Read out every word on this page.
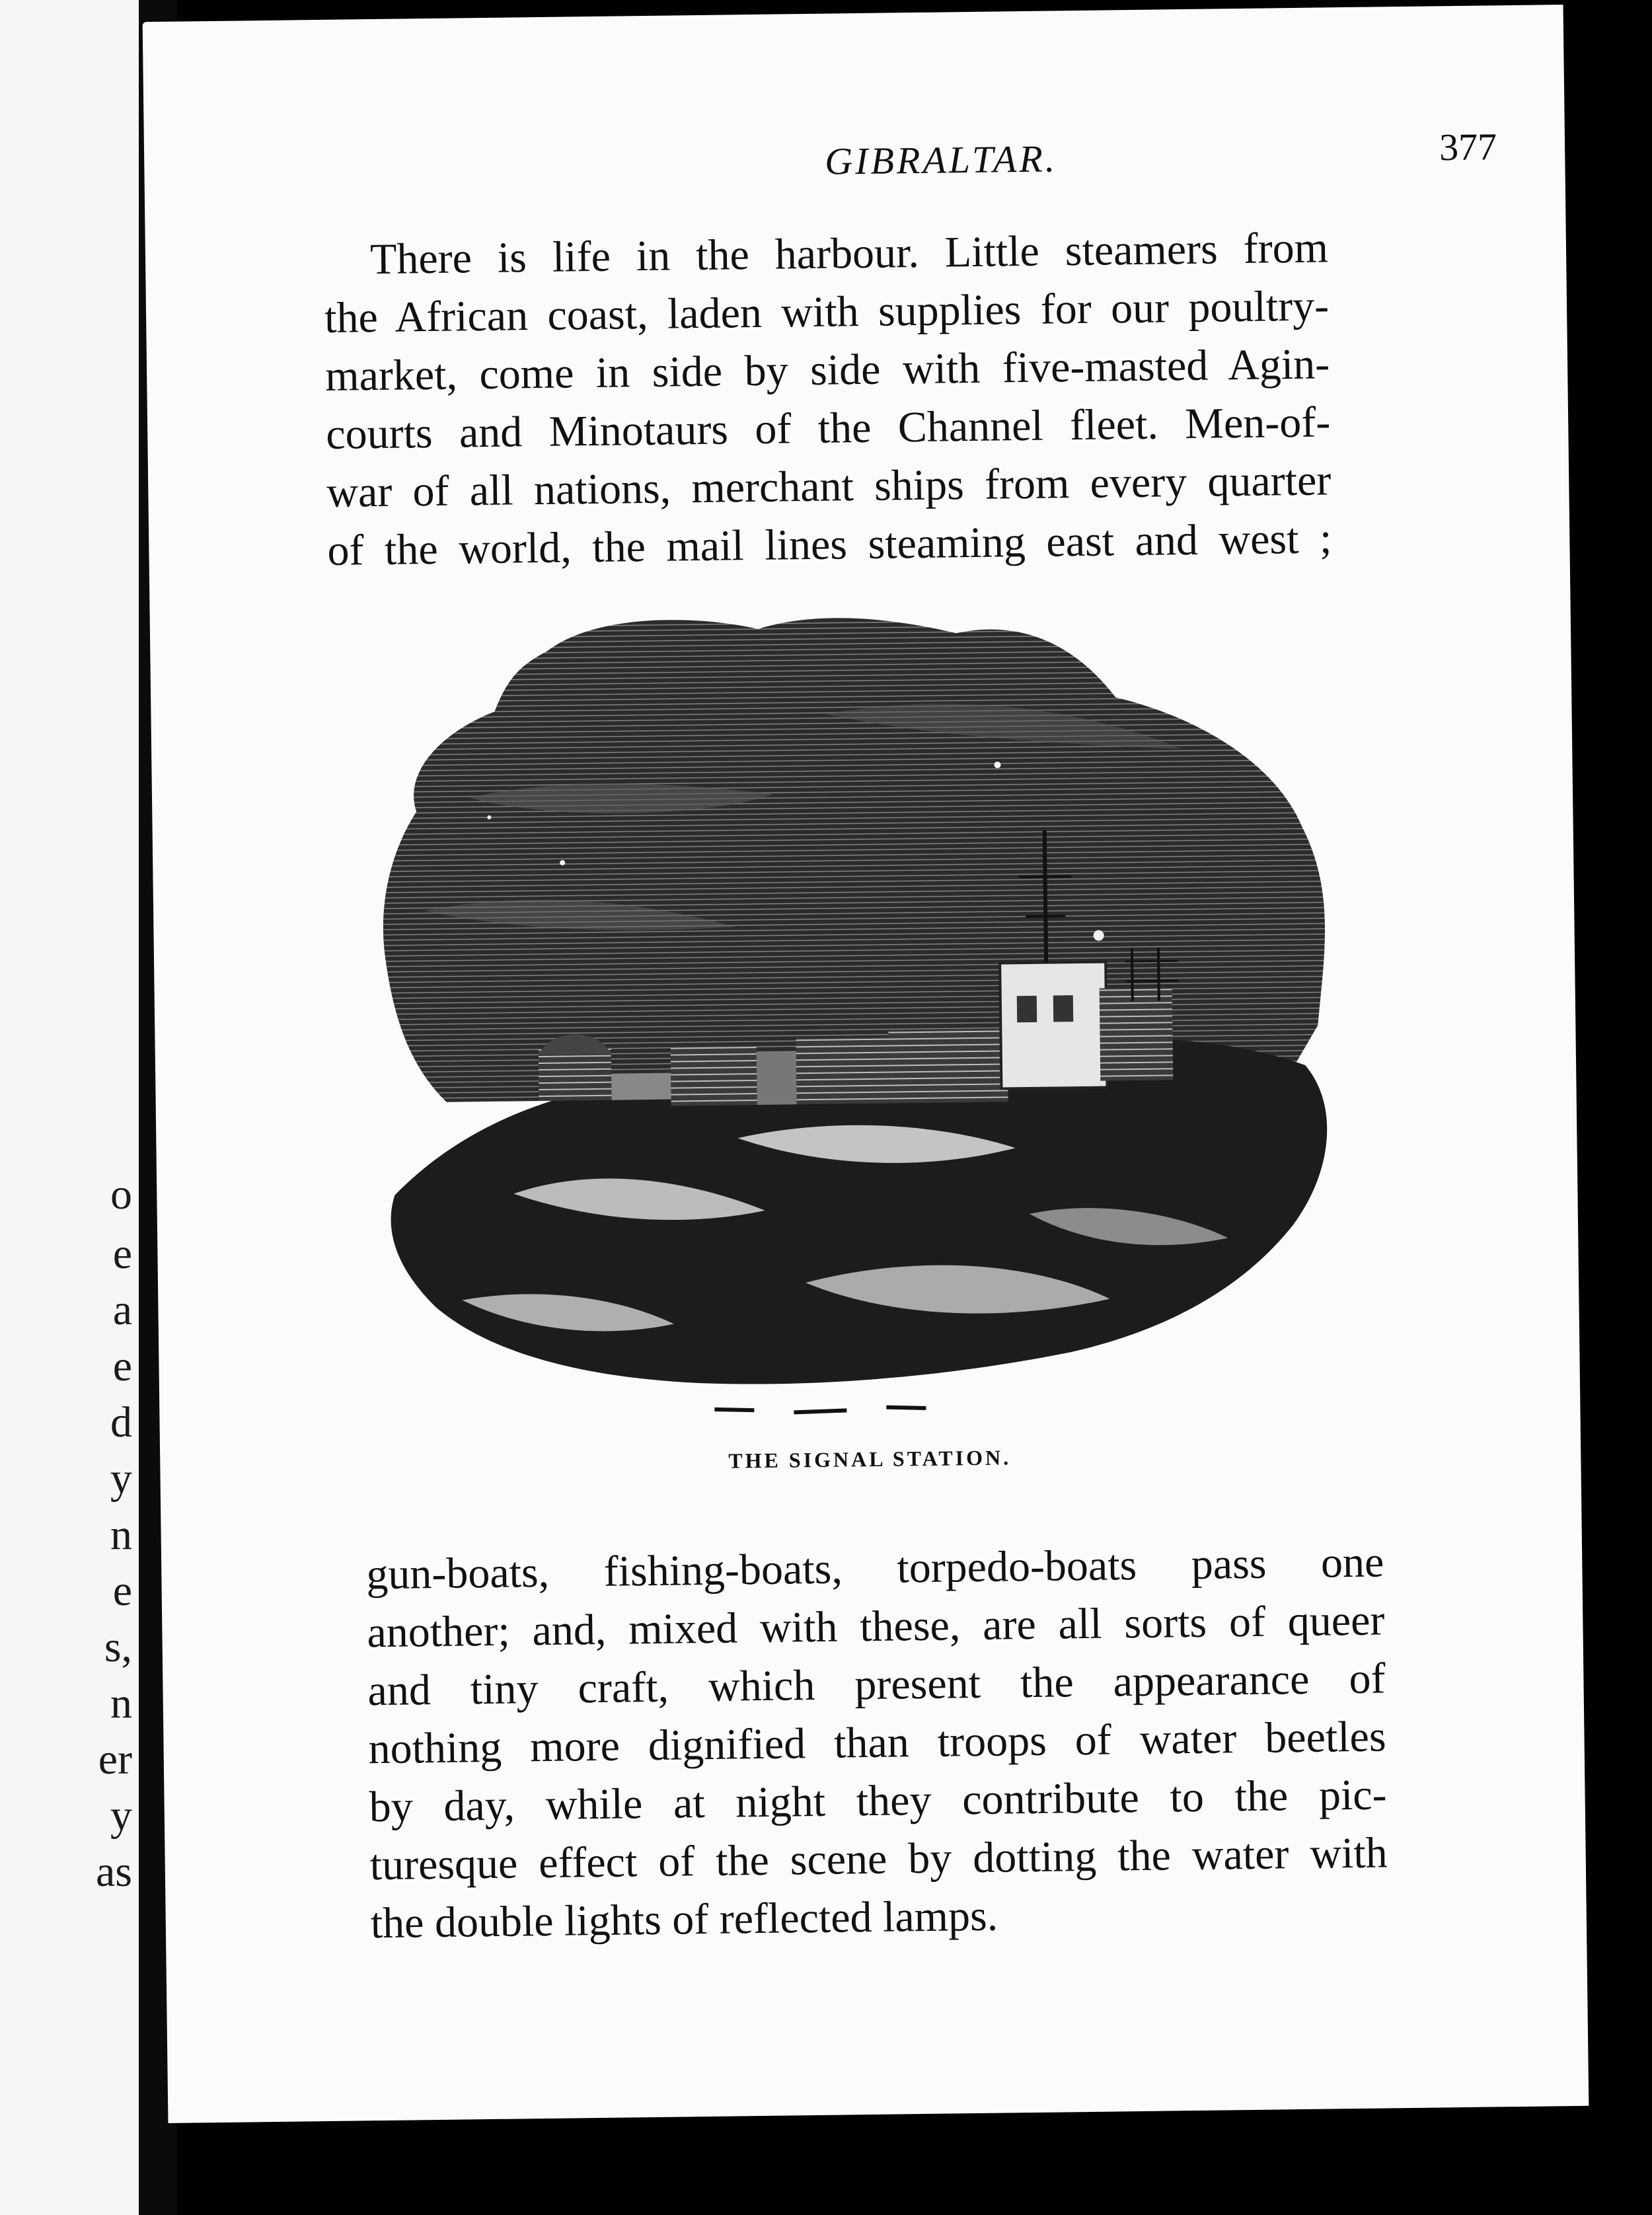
o
e
a
e
d
y
n
e
s,
n
er
y
as
GIBRALTAR.	377
There is life in the harbour. Little steamers from
the African coast, laden with supplies for our poultry-
market, come in side by side with five-masted Agin-
courts and Minotaurs of the Channel fleet. Men-of-
war of all nations, merchant ships from every quarter
of the world, the mail lines steaming east and west ;
THE SIGNAL STATION.
gun-boats, fishing-boats, torpedo-boats pass one
another; and, mixed with these, are all sorts of queer
and tiny craft, which present the appearance of
nothing more dignified than troops of water beetles
by day, while at night they contribute to the pic-
turesque effect of the scene by dotting the water with
the double lights of reflected lamps.
